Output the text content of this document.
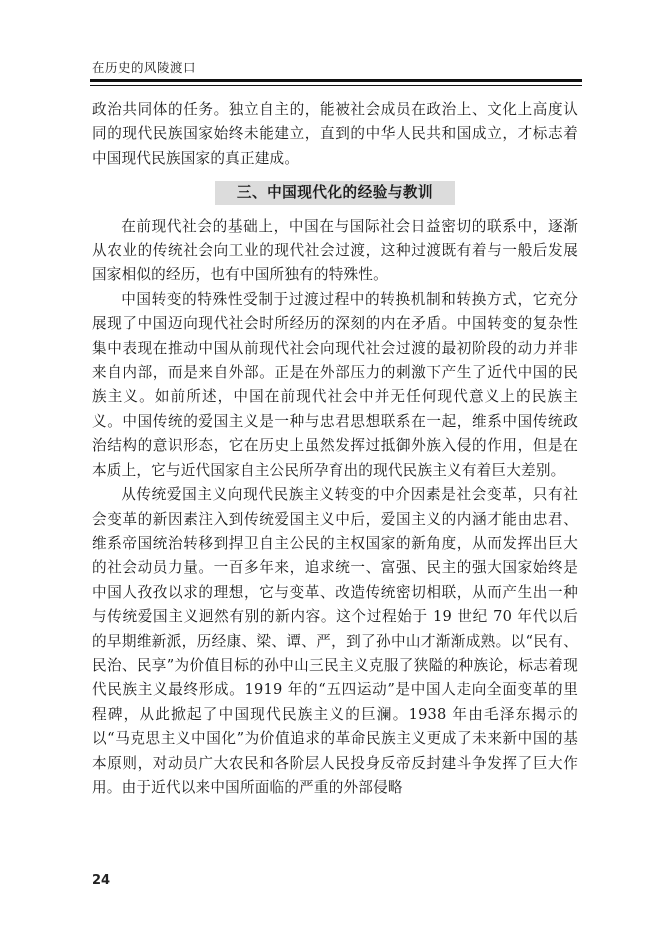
在历史的风陵渡口

政治共同体的任务。独立自主的，能被社会成员在政治上、文化上高度认同的现代民族国家始终未能建立，直到的中华人民共和国成立，才标志着中国现代民族国家的真正建成。

三、中国现代化的经验与教训

在前现代社会的基础上，中国在与国际社会日益密切的联系中，逐渐从农业的传统社会向工业的现代社会过渡，这种过渡既有着与一般后发展国家相似的经历，也有中国所独有的特殊性。

中国转变的特殊性受制于过渡过程中的转换机制和转换方式，它充分展现了中国迈向现代社会时所经历的深刻的内在矛盾。中国转变的复杂性集中表现在推动中国从前现代社会向现代社会过渡的最初阶段的动力并非来自内部，而是来自外部。正是在外部压力的刺激下产生了近代中国的民族主义。如前所述，中国在前现代社会中并无任何现代意义上的民族主义。中国传统的爱国主义是一种与忠君思想联系在一起，维系中国传统政治结构的意识形态，它在历史上虽然发挥过抵御外族入侵的作用，但是在本质上，它与近代国家自主公民所孕育出的现代民族主义有着巨大差别。

从传统爱国主义向现代民族主义转变的中介因素是社会变革，只有社会变革的新因素注入到传统爱国主义中后，爱国主义的内涵才能由忠君、维系帝国统治转移到捍卫自主公民的主权国家的新角度，从而发挥出巨大的社会动员力量。一百多年来，追求统一、富强、民主的强大国家始终是中国人孜孜以求的理想，它与变革、改造传统密切相联，从而产生出一种与传统爱国主义迥然有别的新内容。这个过程始于 19 世纪 70 年代以后的早期维新派，历经康、梁、谭、严，到了孙中山才渐渐成熟。以“民有、民治、民享”为价值目标的孙中山三民主义克服了狭隘的种族论，标志着现代民族主义最终形成。1919 年的“五四运动”是中国人走向全面变革的里程碑，从此掀起了中国现代民族主义的巨澜。1938 年由毛泽东揭示的以“马克思主义中国化”为价值追求的革命民族主义更成了未来新中国的基本原则，对动员广大农民和各阶层人民投身反帝反封建斗争发挥了巨大作用。由于近代以来中国所面临的严重的外部侵略

24
